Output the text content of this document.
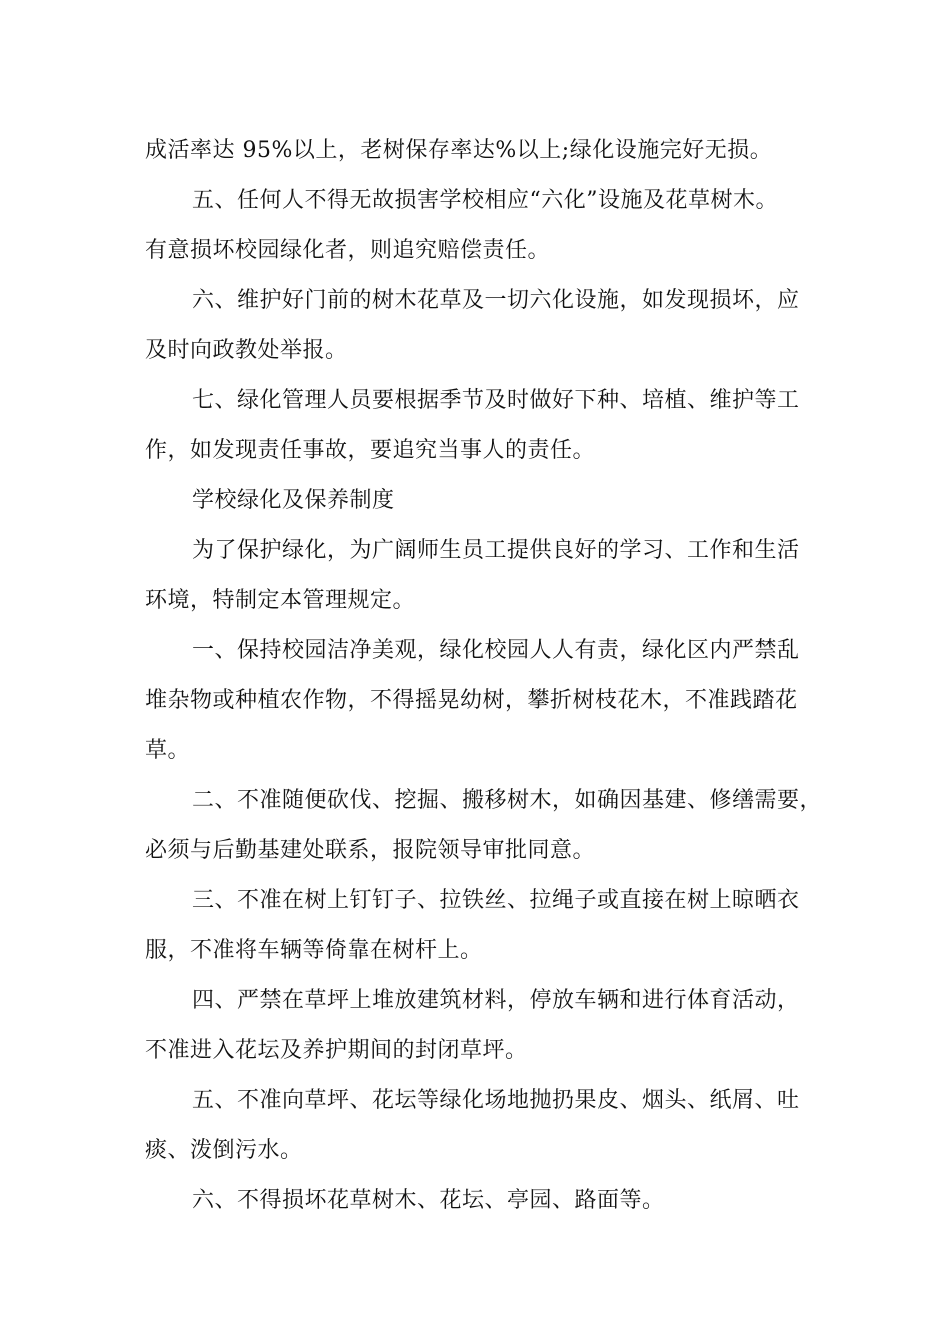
成活率达 95%以上，老树保存率达%以上;绿化设施完好无损。
五、任何人不得无故损害学校相应“六化”设施及花草树木。
有意损坏校园绿化者，则追究赔偿责任。
六、维护好门前的树木花草及一切六化设施，如发现损坏，应
及时向政教处举报。
七、绿化管理人员要根据季节及时做好下种、培植、维护等工
作，如发现责任事故，要追究当事人的责任。
学校绿化及保养制度
为了保护绿化，为广阔师生员工提供良好的学习、工作和生活
环境，特制定本管理规定。
一、保持校园洁净美观，绿化校园人人有责，绿化区内严禁乱
堆杂物或种植农作物，不得摇晃幼树，攀折树枝花木，不准践踏花
草。
二、不准随便砍伐、挖掘、搬移树木，如确因基建、修缮需要，
必须与后勤基建处联系，报院领导审批同意。
三、不准在树上钉钉子、拉铁丝、拉绳子或直接在树上晾晒衣
服，不准将车辆等倚靠在树杆上。
四、严禁在草坪上堆放建筑材料，停放车辆和进行体育活动，
不准进入花坛及养护期间的封闭草坪。
五、不准向草坪、花坛等绿化场地抛扔果皮、烟头、纸屑、吐
痰、泼倒污水。
六、不得损坏花草树木、花坛、亭园、路面等。
